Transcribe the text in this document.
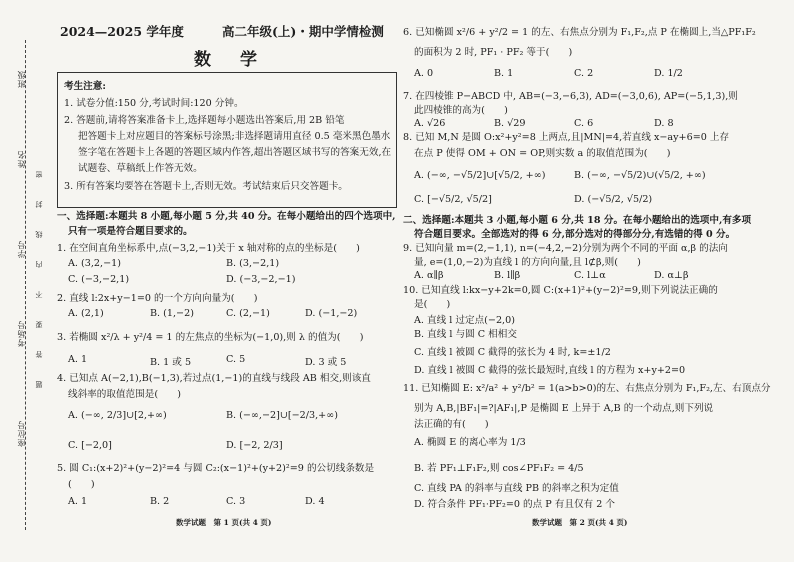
班级
姓名
学号
考场号
座位号
密
封
线
内
不
要
答
题
2024—2025 学年度	高二年级(上)・期中学情检测
数　学
考生注意:
1. 试卷分值:150 分,考试时间:120 分钟。
2. 答题前,请将答案准备卡上,选择题每小题选出答案后,用 2B 铅笔
把答题卡上对应题目的答案标号涂黑;非选择题请用直径 0.5 毫米黑色墨水
签字笔在答题卡上各题的答题区域内作答,超出答题区域书写的答案无效,在
试题卷、草稿纸上作答无效。
3. 所有答案均要答在答题卡上,否则无效。考试结束后只交答题卡。
一、选择题:本题共 8 小题,每小题 5 分,共 40 分。在每小题给出的四个选项中,
只有一项是符合题目要求的。
1. 在空间直角坐标系中,点(−3,2,−1)关于 x 轴对称的点的坐标是(　　)
A. (3,2,−1)	B. (3,−2,1)
C. (−3,−2,1)	D. (−3,−2,−1)
2. 直线 l:2x+y−1=0 的一个方向向量为(　　)
A. (2,1)	B. (1,−2)	C. (2,−1)	D. (−1,−2)
3. 若椭圆 x²/λ + y²/4 = 1 的左焦点的坐标为(−1,0),则 λ 的值为(　　)
A. 1	B. 1 或 5	C. 5	D. 3 或 5
4. 已知点 A(−2,1),B(−1,3),若过点(1,−1)的直线与线段 AB 相交,则该直
线斜率的取值范围是(　　)
A. (−∞, 2/3]∪[2,+∞)	B. (−∞,−2]∪[−2/3,+∞)
C. [−2,0]	D. [−2, 2/3]
5. 圆 C₁:(x+2)²+(y−2)²=4 与圆 C₂:(x−1)²+(y+2)²=9 的公切线条数是
(　　)
A. 1	B. 2	C. 3	D. 4
数学试题　第 1 页(共 4 页)
6. 已知椭圆 x²/6 + y²/2 = 1 的左、右焦点分别为 F₁,F₂,点 P 在椭圆上,当△PF₁F₂
的面积为 2 时, PF₁ · PF₂ 等于(　　)
A. 0	B. 1	C. 2	D. 1/2
7. 在四棱锥 P−ABCD 中, AB=(−3,−6,3), AD=(−3,0,6), AP=(−5,1,3),则
此四棱锥的高为(　　)
A. √26	B. √29	C. 6	D. 8
8. 已知 M,N 是圆 O:x²+y²=8 上两点,且|MN|=4,若直线 x−ay+6=0 上存
在点 P 使得 OM + ON = OP,则实数 a 的取值范围为(　　)
A. (−∞, −√5/2]∪[√5/2, +∞)	B. (−∞, −√5/2)∪(√5/2, +∞)
C. [−√5/2, √5/2]	D. (−√5/2, √5/2)
二、选择题:本题共 3 小题,每小题 6 分,共 18 分。在每小题给出的选项中,有多项
符合题目要求。全部选对的得 6 分,部分选对的得部分分,有选错的得 0 分。
9. 已知向量 m=(2,−1,1), n=(−4,2,−2)分别为两个不同的平面 α,β 的法向
量, e=(1,0,−2)为直线 l 的方向向量,且 l⊄β,则(　　)
A. α∥β	B. l∥β	C. l⊥α	D. α⊥β
10. 已知直线 l:kx−y+2k=0,圆 C:(x+1)²+(y−2)²=9,则下列说法正确的
是(　　)
A. 直线 l 过定点(−2,0)
B. 直线 l 与圆 C 相相交
C. 直线 l 被圆 C 截得的弦长为 4 时, k=±1/2
D. 直线 l 被圆 C 截得的弦长最短时,直线 l 的方程为 x+y+2=0
11. 已知椭圆 E: x²/a² + y²/b² = 1(a>b>0)的左、右焦点分别为 F₁,F₂,左、右顶点分
别为 A,B,|BF₁|=?|AF₁|,P 是椭圆 E 上异于 A,B 的一个动点,则下列说
法正确的有(　　)
A. 椭圆 E 的离心率为 1/3
B. 若 PF₁⊥F₁F₂,则 cos∠PF₁F₂ = 4/5
C. 直线 PA 的斜率与直线 PB 的斜率之积为定值
D. 符合条件 PF₁·PF₂=0 的点 P 有且仅有 2 个
数学试题　第 2 页(共 4 页)
